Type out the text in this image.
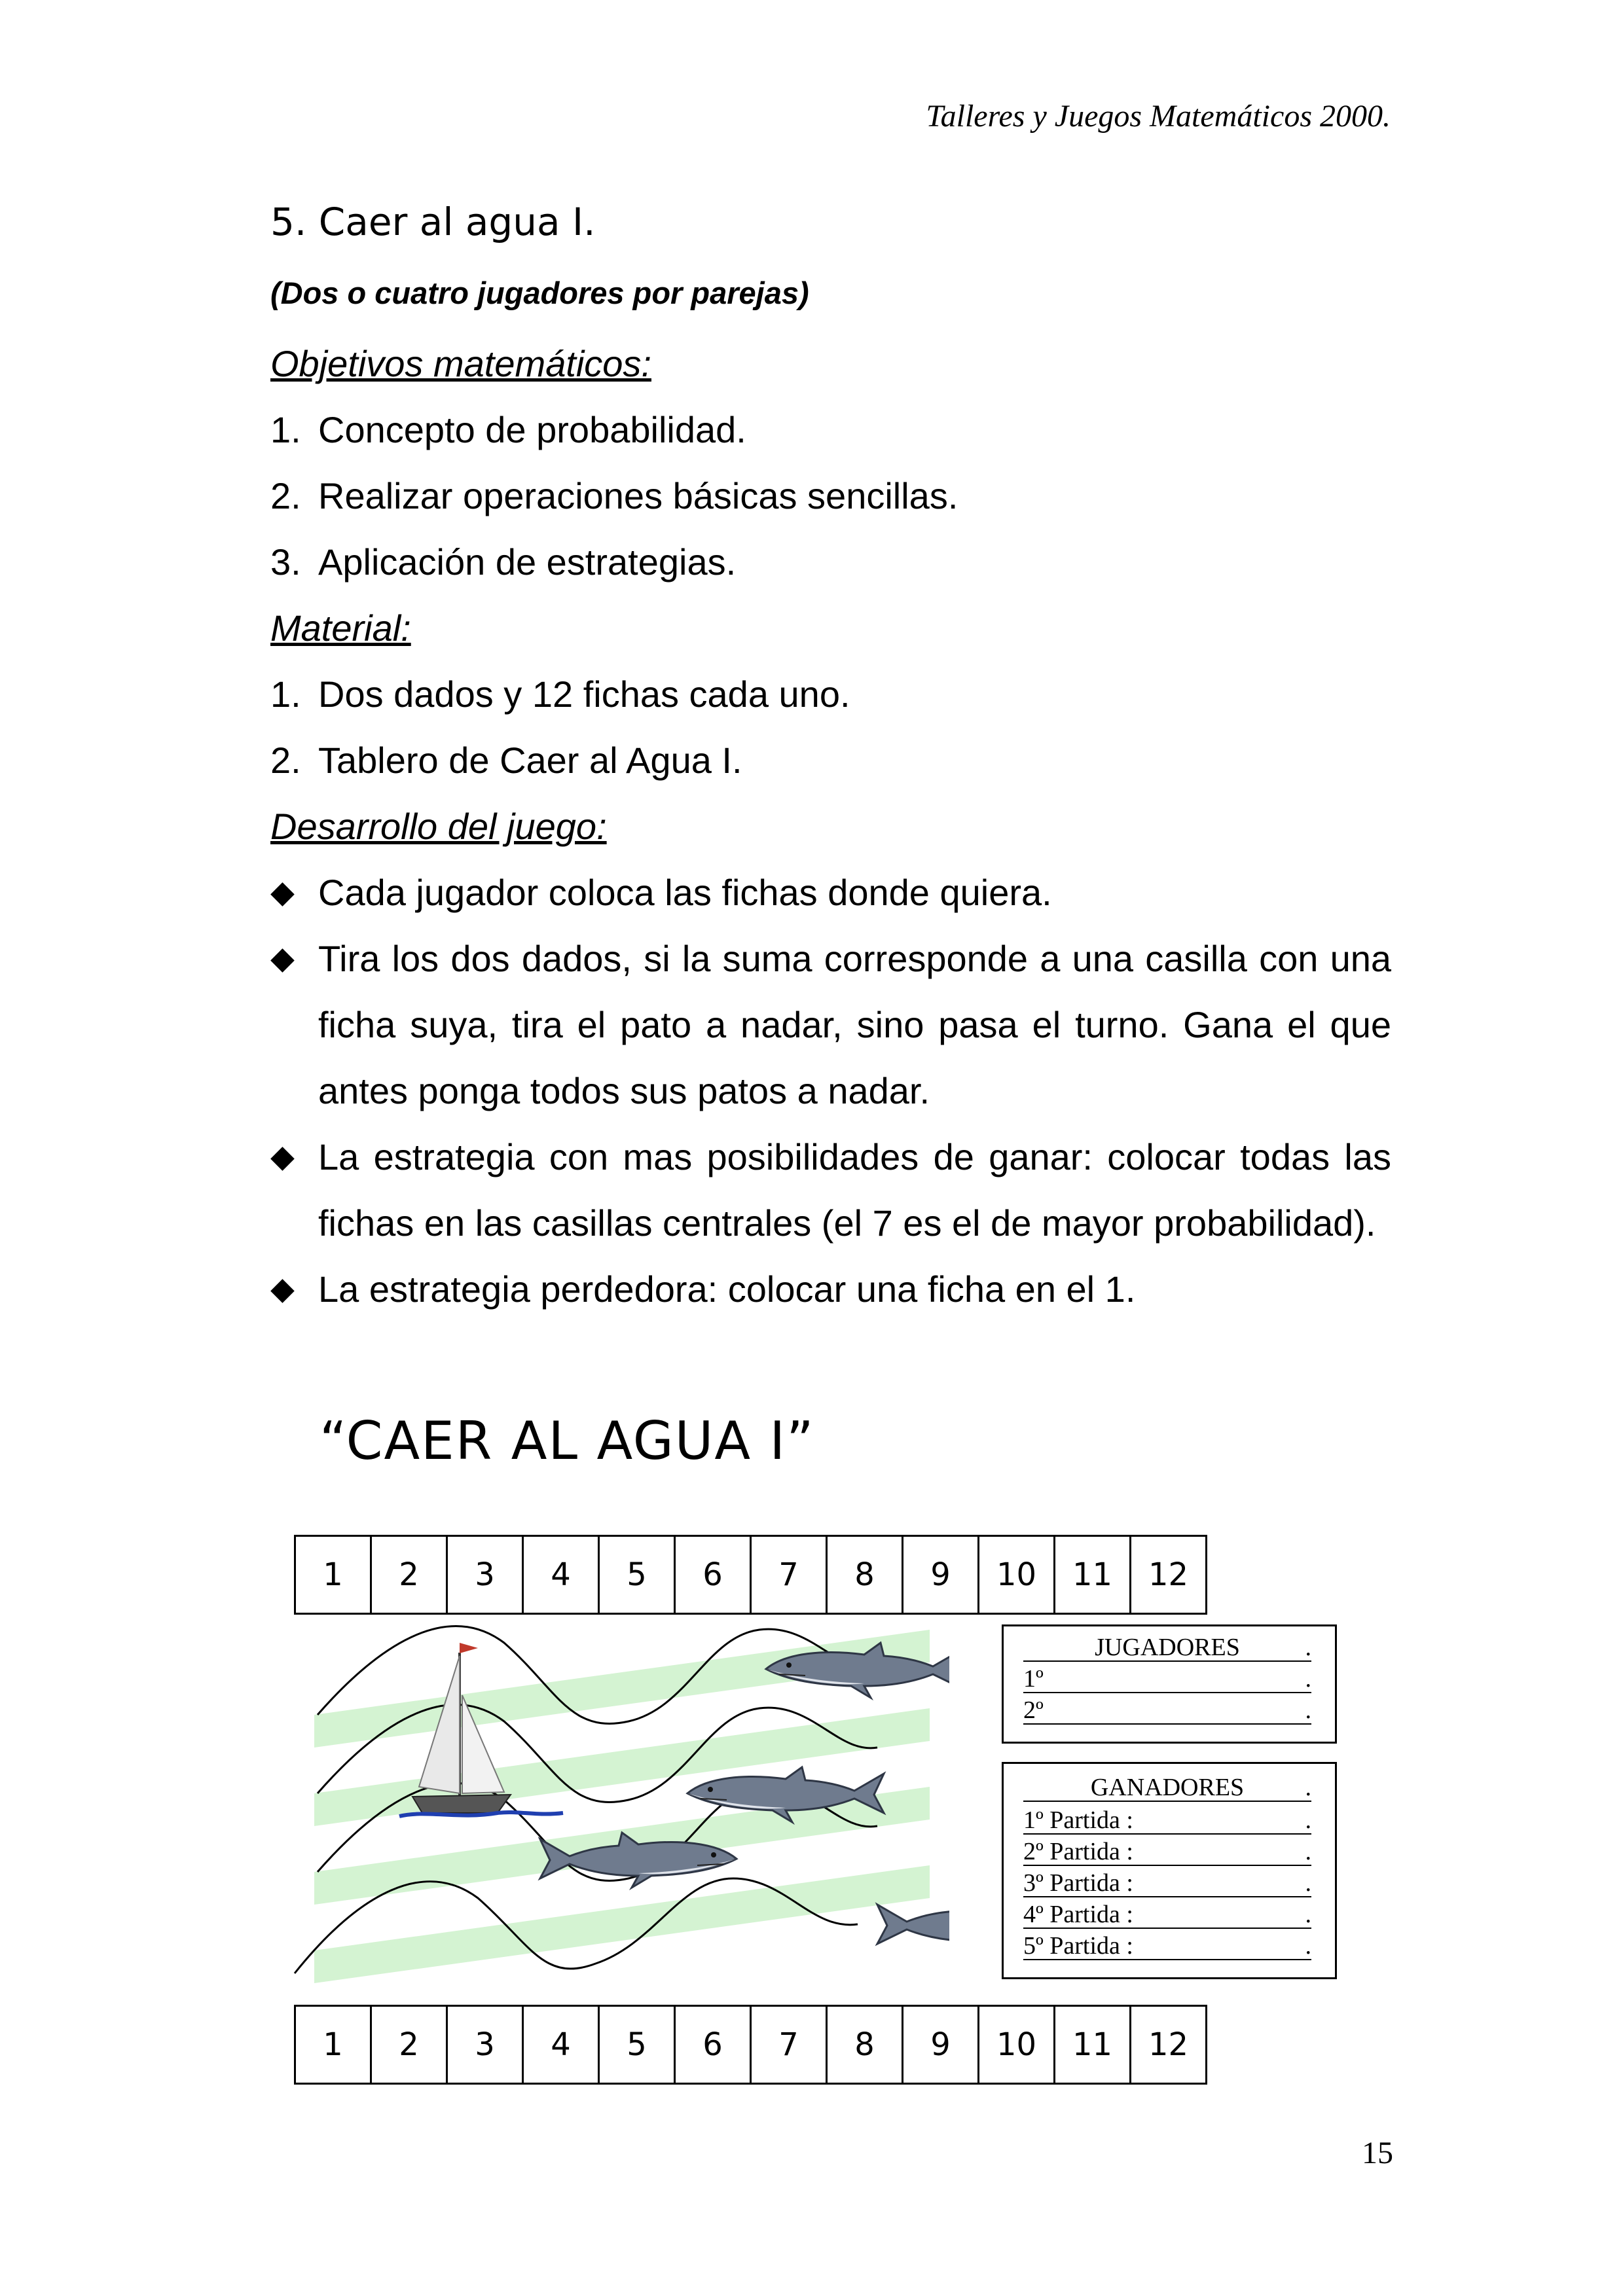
Talleres y Juegos Matemáticos 2000.
5. Caer al agua I.
(Dos o cuatro jugadores por parejas)
Objetivos matemáticos:
1. Concepto de probabilidad.
2. Realizar operaciones básicas sencillas.
3. Aplicación de estrategias.
Material:
1. Dos dados y 12 fichas cada uno.
2. Tablero de Caer al Agua I.
Desarrollo del juego:
◆ Cada jugador coloca las fichas donde quiera.
◆ Tira los dos dados, si la suma corresponde a una casilla con una ficha suya, tira el pato a nadar, sino pasa el turno. Gana el que antes ponga todos sus patos a nadar.
◆ La estrategia con mas posibilidades de ganar: colocar todas las fichas en las casillas centrales (el 7 es el de mayor probabilidad).
◆ La estrategia perdedora: colocar una ficha en el 1.
“CAER AL AGUA I”
1	2	3	4	5	6	7	8	9	10	11	12
JUGADORES	.
1º	.
2º	.
GANADORES .
1º Partida :	.
2º Partida :	.
3º Partida :	.
4º Partida :	.
5º Partida :	.
1	2	3	4	5	6	7	8	9	10	11	12
15
